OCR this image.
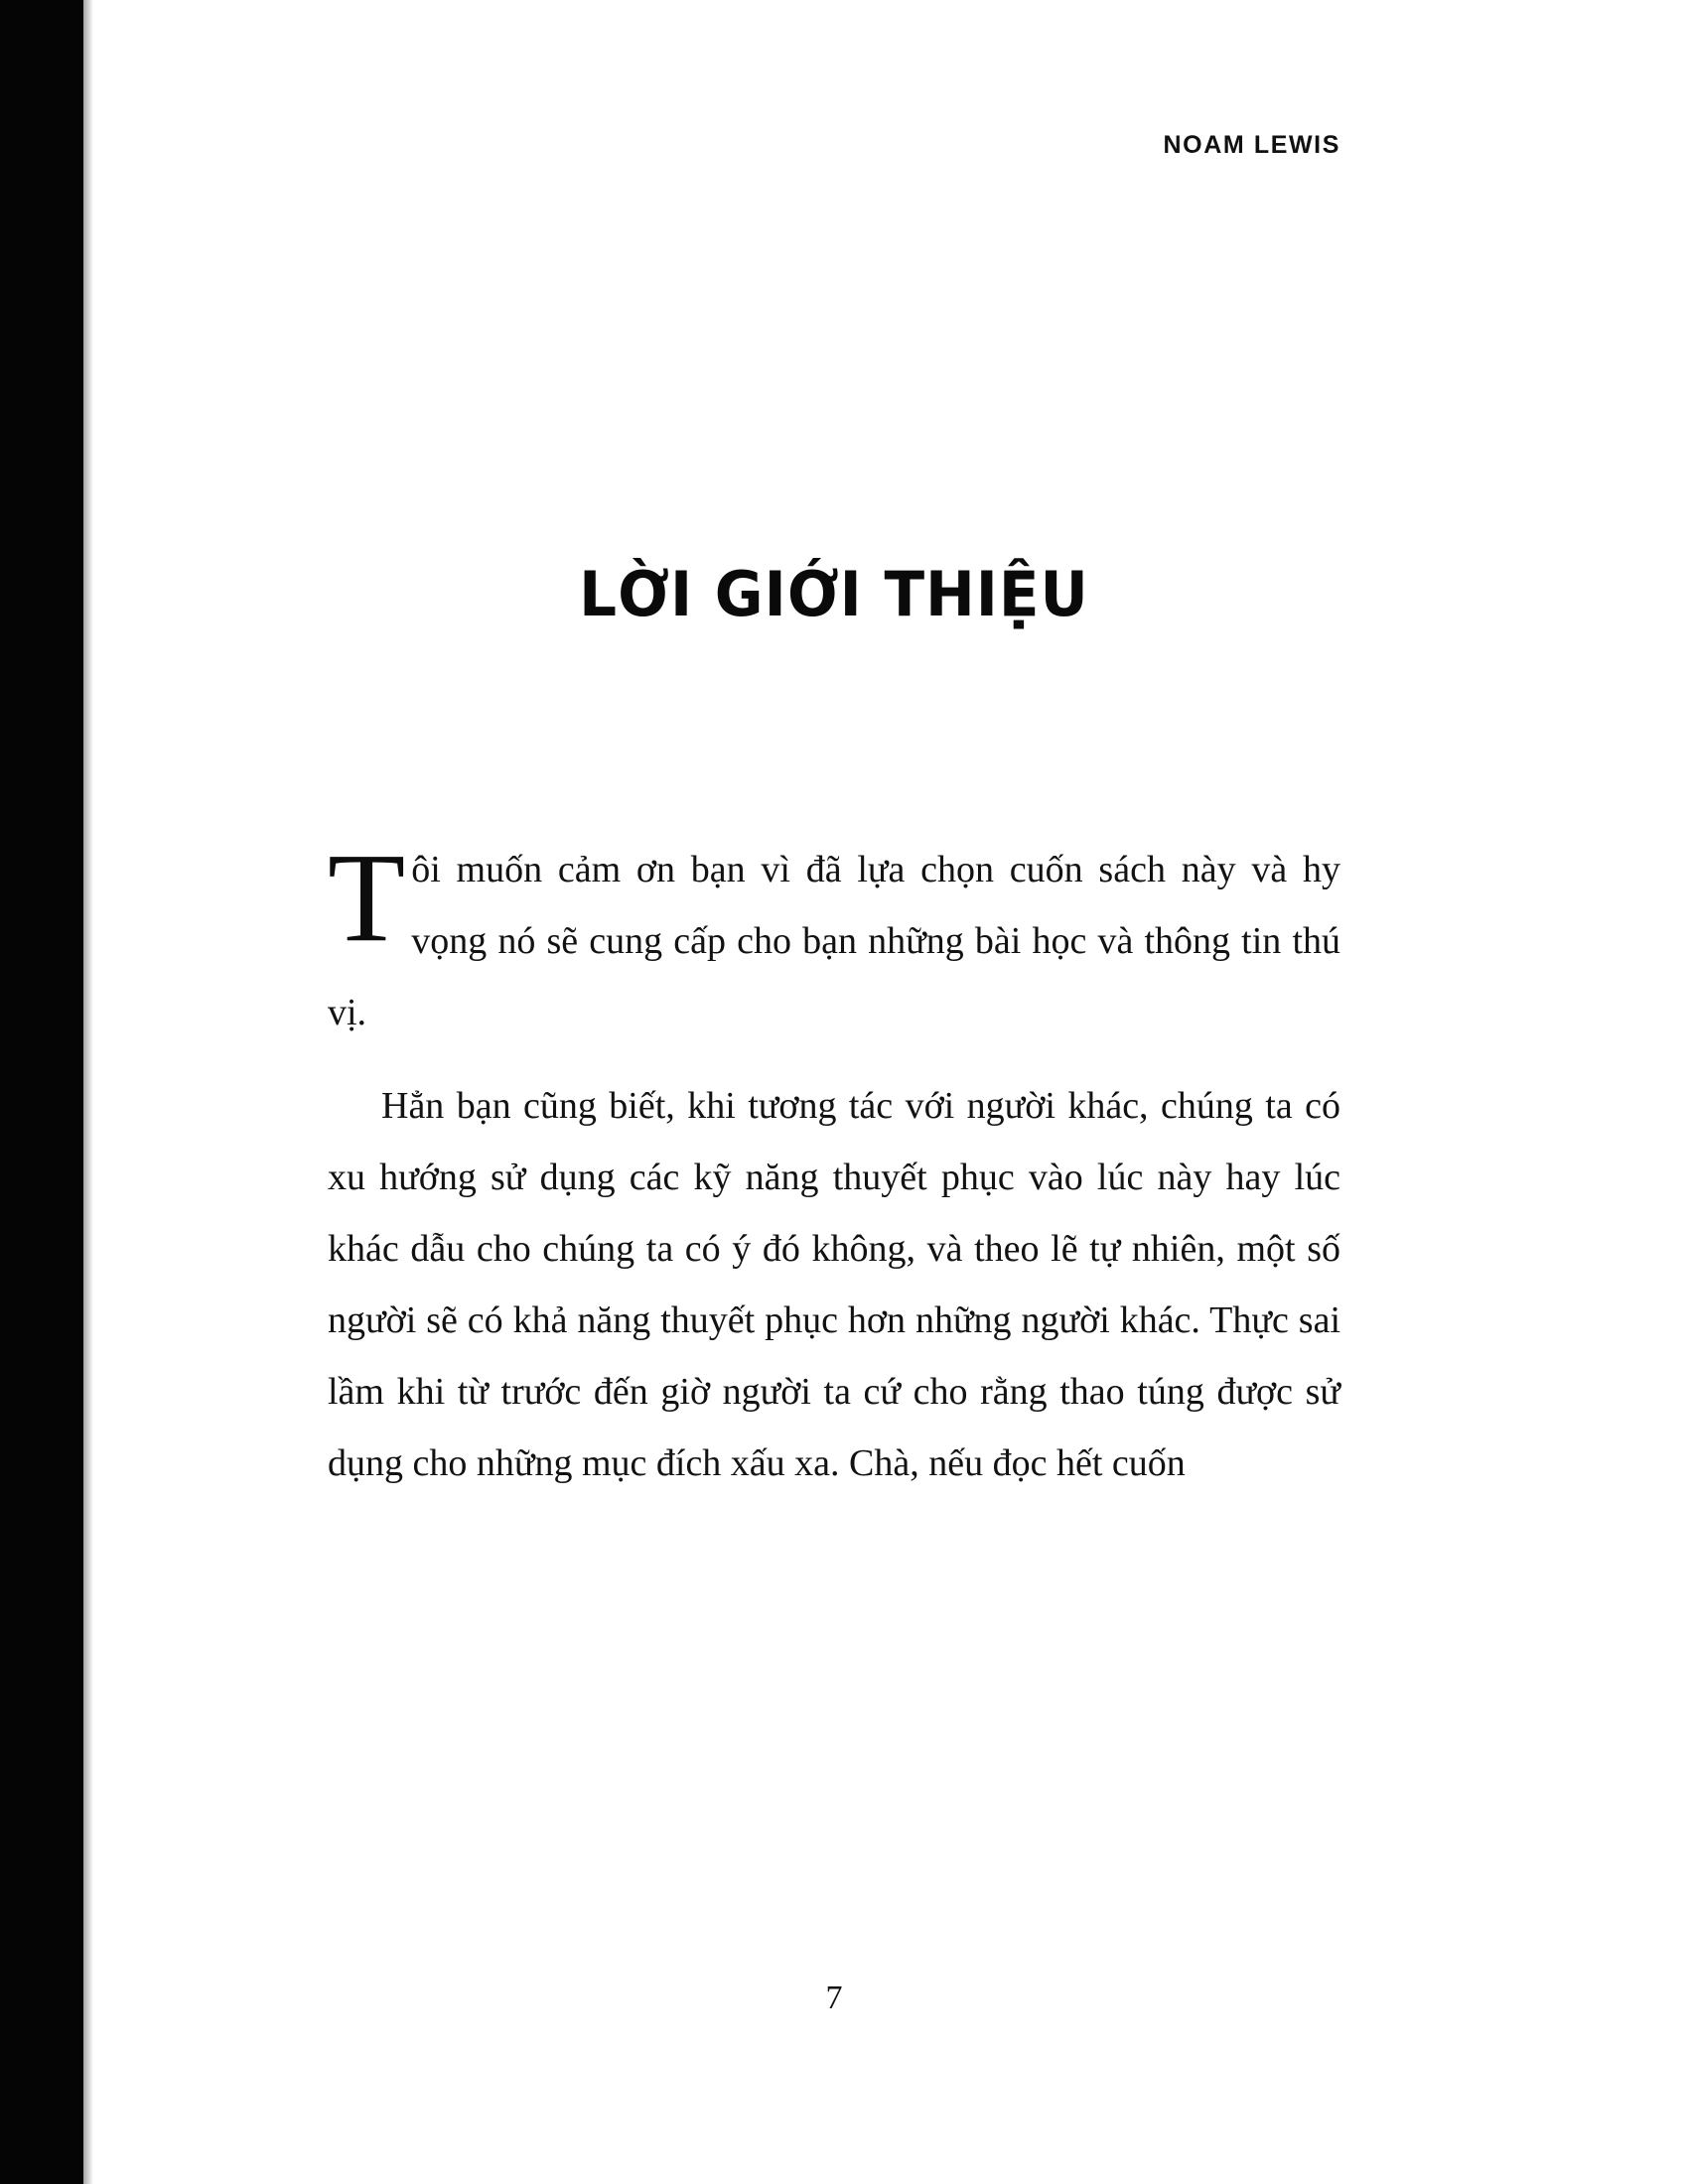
NOAM LEWIS
LỜI GIỚI THIỆU

Tôi muốn cảm ơn bạn vì đã lựa chọn cuốn sách này và hy vọng nó sẽ cung cấp cho bạn những bài học và thông tin thú vị.

Hẳn bạn cũng biết, khi tương tác với người khác, chúng ta có xu hướng sử dụng các kỹ năng thuyết phục vào lúc này hay lúc khác dẫu cho chúng ta có ý đó không, và theo lẽ tự nhiên, một số người sẽ có khả năng thuyết phục hơn những người khác. Thực sai lầm khi từ trước đến giờ người ta cứ cho rằng thao túng được sử dụng cho những mục đích xấu xa. Chà, nếu đọc hết cuốn

7
